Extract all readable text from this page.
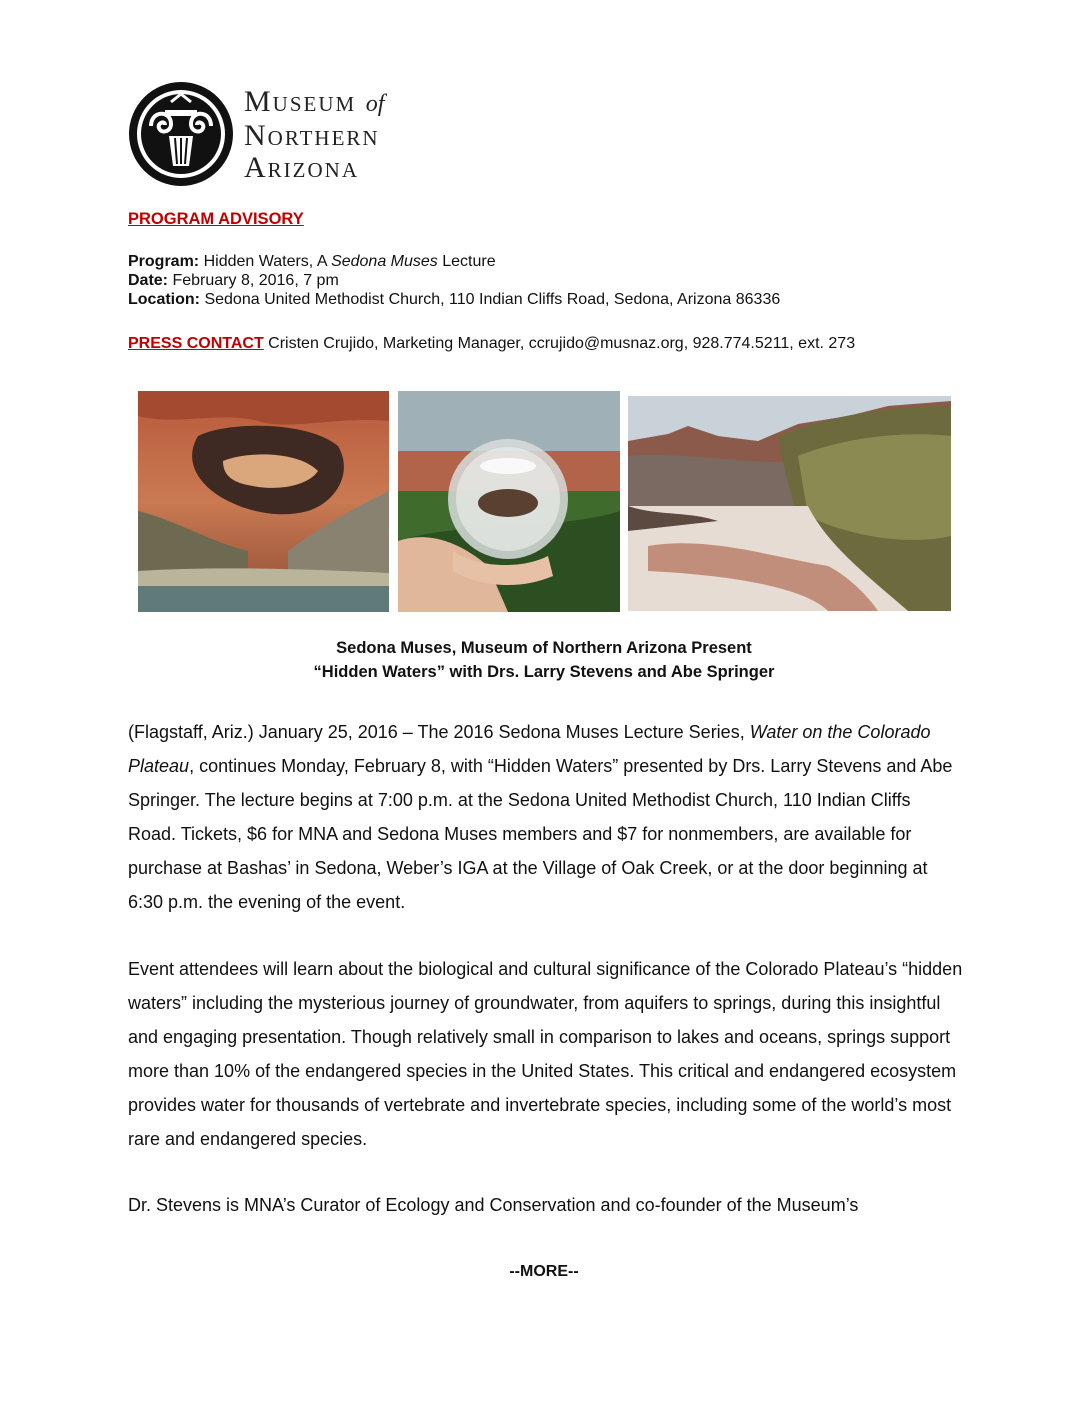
Museum of
Northern
Arizona
PROGRAM ADVISORY
Program: Hidden Waters, A Sedona Muses Lecture
Date: February 8, 2016, 7 pm
Location: Sedona United Methodist Church, 110 Indian Cliffs Road, Sedona, Arizona 86336
PRESS CONTACT Cristen Crujido, Marketing Manager, ccrujido@musnaz.org, 928.774.5211, ext. 273
Sedona Muses, Museum of Northern Arizona Present
“Hidden Waters” with Drs. Larry Stevens and Abe Springer

(Flagstaff, Ariz.) January 25, 2016 – The 2016 Sedona Muses Lecture Series, Water on the Colorado Plateau, continues Monday, February 8, with “Hidden Waters” presented by Drs. Larry Stevens and Abe Springer. The lecture begins at 7:00 p.m. at the Sedona United Methodist Church, 110 Indian Cliffs Road. Tickets, $6 for MNA and Sedona Muses members and $7 for nonmembers, are available for purchase at Bashas’ in Sedona, Weber’s IGA at the Village of Oak Creek, or at the door beginning at 6:30 p.m. the evening of the event.

Event attendees will learn about the biological and cultural significance of the Colorado Plateau’s “hidden waters” including the mysterious journey of groundwater, from aquifers to springs, during this insightful and engaging presentation. Though relatively small in comparison to lakes and oceans, springs support more than 10% of the endangered species in the United States. This critical and endangered ecosystem provides water for thousands of vertebrate and invertebrate species, including some of the world’s most rare and endangered species.

Dr. Stevens is MNA’s Curator of Ecology and Conservation and co-founder of the Museum’s

--MORE--
